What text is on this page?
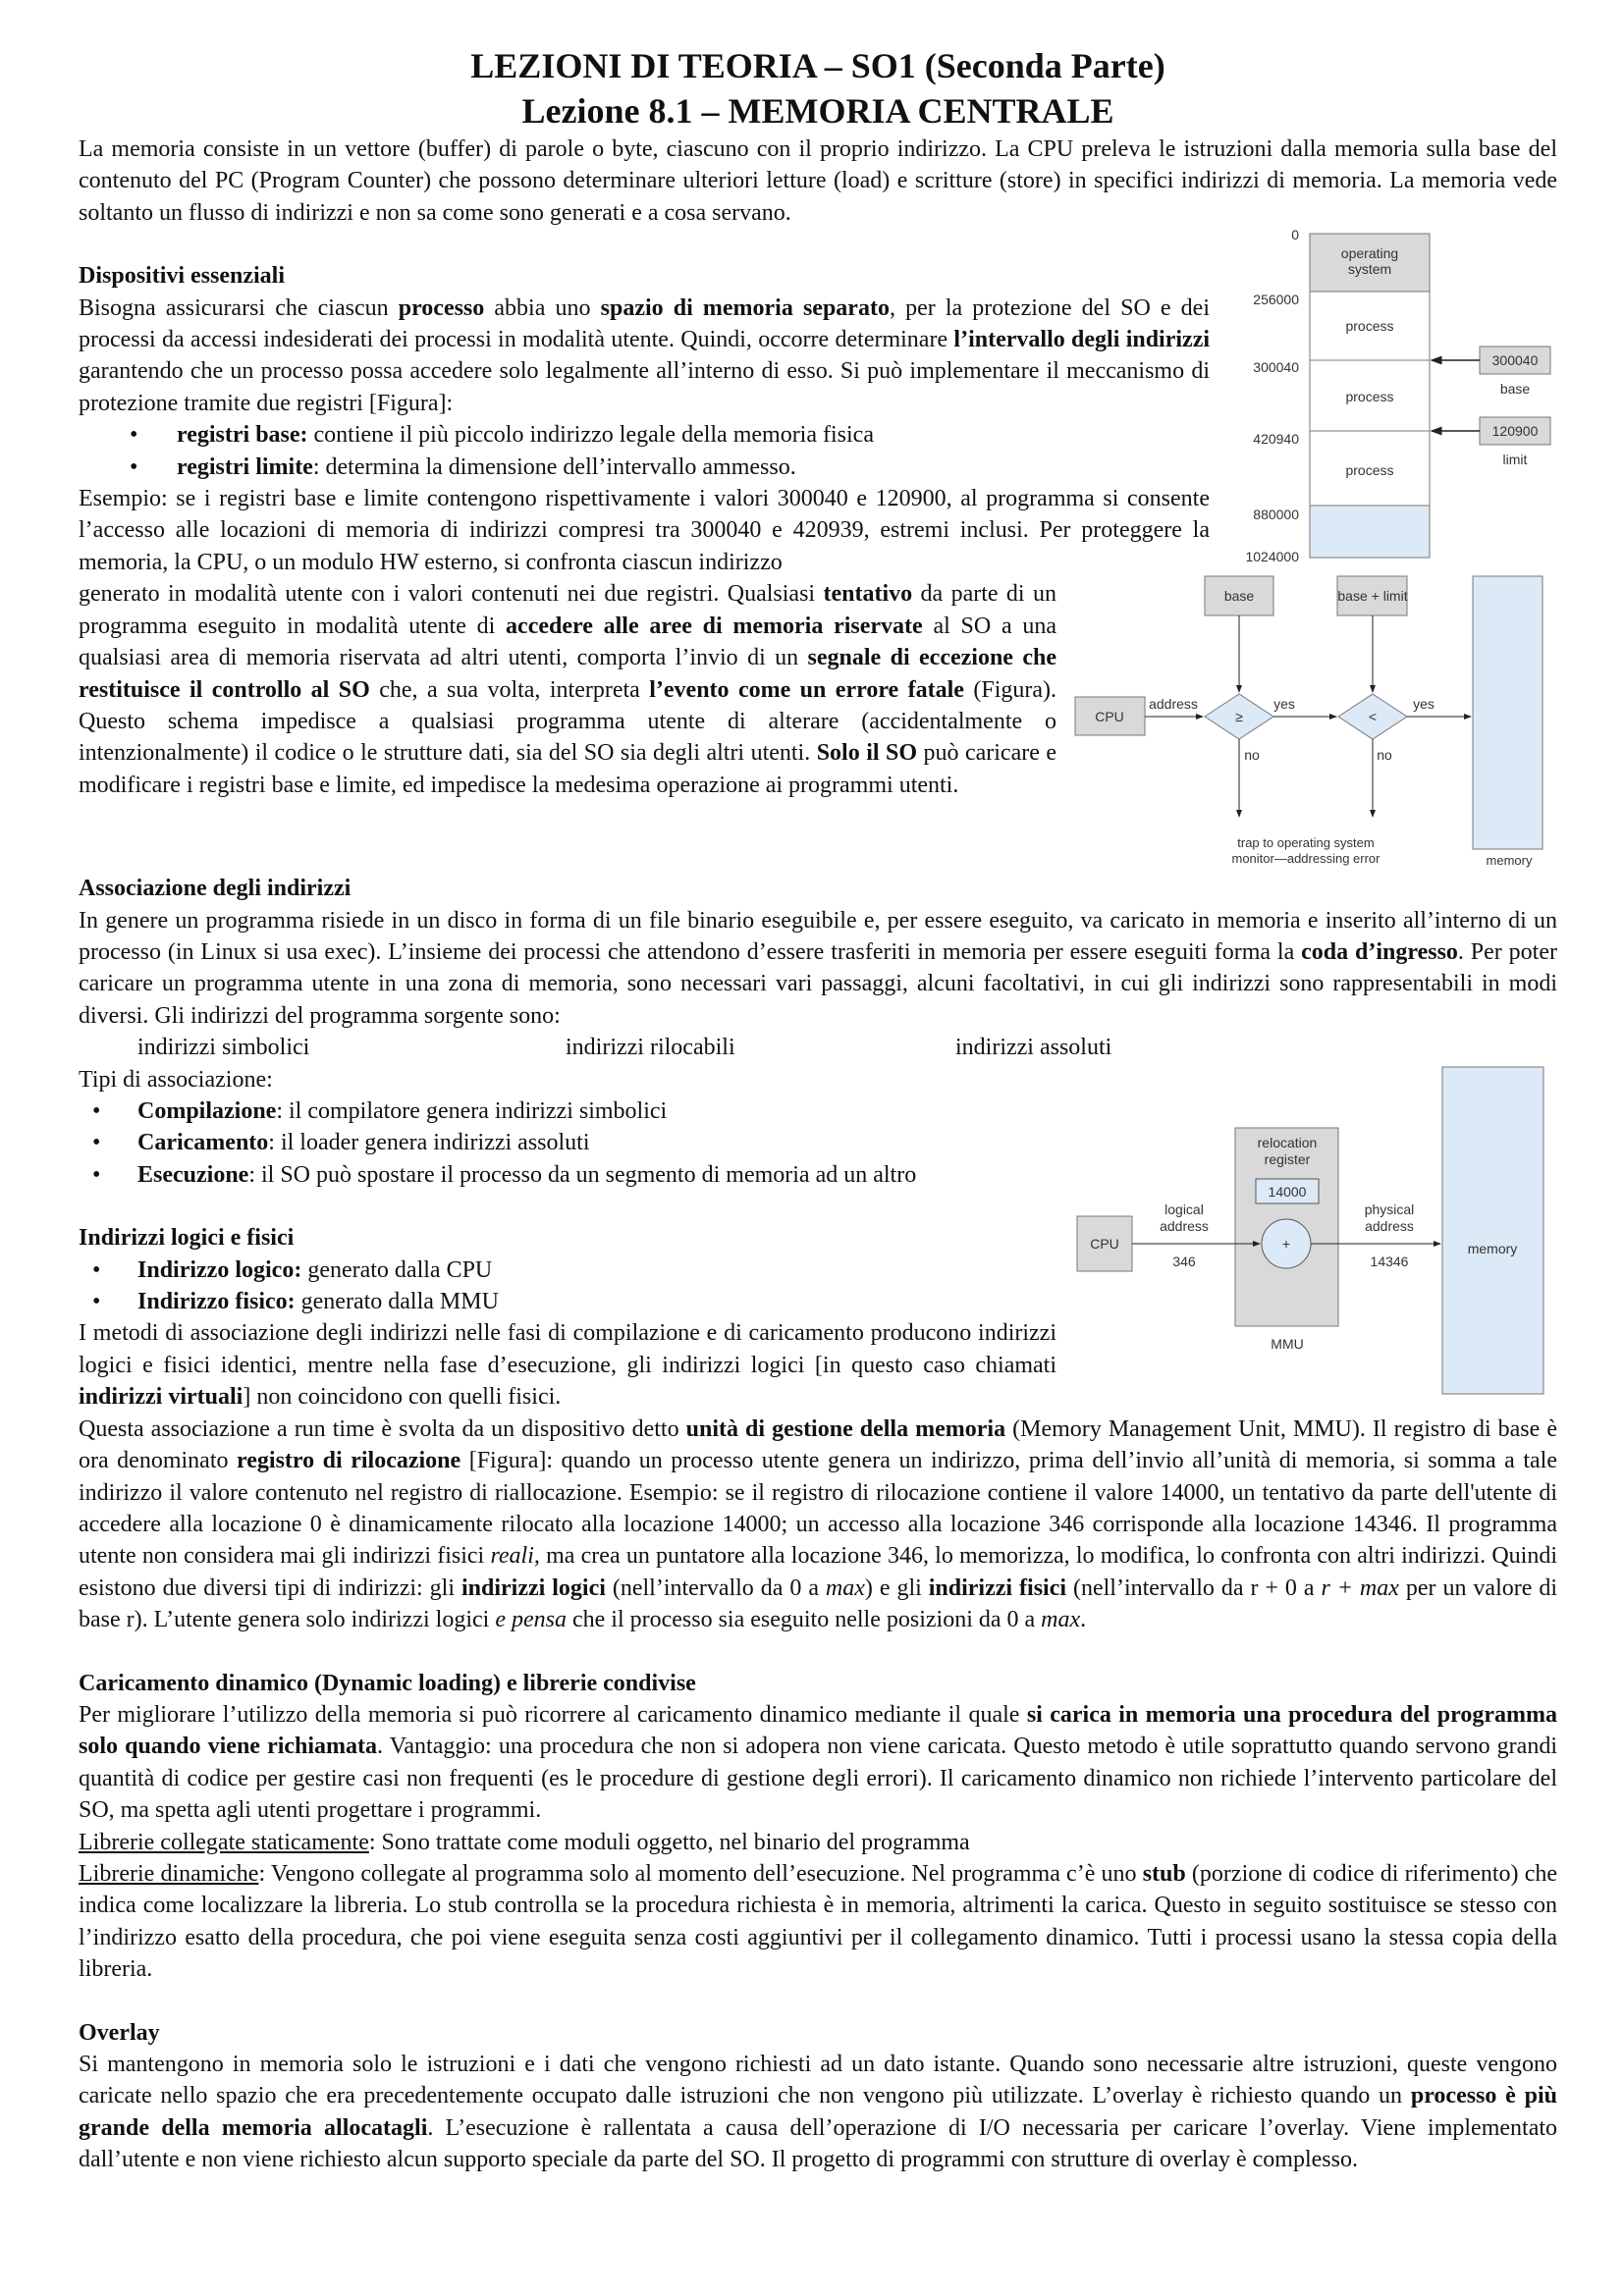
LEZIONI DI TEORIA – SO1 (Seconda Parte)
Lezione 8.1 – MEMORIA CENTRALE

La memoria consiste in un vettore (buffer) di parole o byte, ciascuno con il proprio indirizzo. La CPU preleva le istruzioni dalla memoria sulla base del contenuto del PC (Program Counter) che possono determinare ulteriori letture (load) e scritture (store) in specifici indirizzi di memoria. La memoria vede soltanto un flusso di indirizzi e non sa come sono generati e a cosa servano.

operating
system
process
process
process
0
256000
300040
420940
880000
1024000
300040
base
120900
limit
base	base + limit
CPU	≥	<
address	yes	yes
no	no
trap to operating system
monitor—addressing error	memory
Dispositivi essenziali

Bisogna assicurarsi che ciascun processo abbia uno spazio di memoria separato, per la protezione del SO e dei processi da accessi indesiderati dei processi in modalità utente. Quindi, occorre determinare l’intervallo degli indirizzi garantendo che un processo possa accedere solo legalmente all’interno di esso. Si può implementare il meccanismo di protezione tramite due registri [Figura]:

• registri base: contiene il più piccolo indirizzo legale della memoria fisica
• registri limite: determina la dimensione dell’intervallo ammesso.

Esempio: se i registri base e limite contengono rispettivamente i valori 300040 e 120900, al programma si consente l’accesso alle locazioni di memoria di indirizzi compresi tra 300040 e 420939, estremi inclusi. Per proteggere la memoria, la CPU, o un modulo HW esterno, si confronta ciascun indirizzo

generato in modalità utente con i valori contenuti nei due registri. Qualsiasi tentativo da parte di un programma eseguito in modalità utente di accedere alle aree di memoria riservate al SO a una qualsiasi area di memoria riservata ad altri utenti, comporta l’invio di un segnale di eccezione che restituisce il controllo al SO che, a sua volta, interpreta l’evento come un errore fatale (Figura). Questo schema impedisce a qualsiasi programma utente di alterare (accidentalmente o intenzionalmente) il codice o le strutture dati, sia del SO sia degli altri utenti. Solo il SO può caricare e modificare i registri base e limite, ed impedisce la medesima operazione ai programmi utenti.

Associazione degli indirizzi

In genere un programma risiede in un disco in forma di un file binario eseguibile e, per essere eseguito, va caricato in memoria e inserito all’interno di un processo (in Linux si usa exec). L’insieme dei processi che attendono d’essere trasferiti in memoria per essere eseguiti forma la coda d’ingresso. Per poter caricare un programma utente in una zona di memoria, sono necessari vari passaggi, alcuni facoltativi, in cui gli indirizzi sono rappresentabili in modi diversi. Gli indirizzi del programma sorgente sono:

indirizzi simbolici	indirizzi rilocabili	indirizzi assoluti
memory
relocation
register
14000
+
CPU
logical
address
346
physical
address
14346
MMU

Tipi di associazione:

• Compilazione: il compilatore genera indirizzi simbolici
• Caricamento: il loader genera indirizzi assoluti
• Esecuzione: il SO può spostare il processo da un segmento di memoria ad un altro
Indirizzi logici e fisici
• Indirizzo logico: generato dalla CPU
• Indirizzo fisico: generato dalla MMU

I metodi di associazione degli indirizzi nelle fasi di compilazione e di caricamento producono indirizzi logici e fisici identici, mentre nella fase d’esecuzione, gli indirizzi logici [in questo caso chiamati indirizzi virtuali] non coincidono con quelli fisici.

Questa associazione a run time è svolta da un dispositivo detto unità di gestione della memoria (Memory Management Unit, MMU). Il registro di base è ora denominato registro di rilocazione [Figura]: quando un processo utente genera un indirizzo, prima dell’invio all’unità di memoria, si somma a tale indirizzo il valore contenuto nel registro di riallocazione. Esempio: se il registro di rilocazione contiene il valore 14000, un tentativo da parte dell'utente di accedere alla locazione 0 è dinamicamente rilocato alla locazione 14000; un accesso alla locazione 346 corrisponde alla locazione 14346. Il programma utente non considera mai gli indirizzi fisici reali, ma crea un puntatore alla locazione 346, lo memorizza, lo modifica, lo confronta con altri indirizzi. Quindi esistono due diversi tipi di indirizzi: gli indirizzi logici (nell’intervallo da 0 a max) e gli indirizzi fisici (nell’intervallo da r + 0 a r + max per un valore di base r). L’utente genera solo indirizzi logici e pensa che il processo sia eseguito nelle posizioni da 0 a max.

Caricamento dinamico (Dynamic loading) e librerie condivise

Per migliorare l’utilizzo della memoria si può ricorrere al caricamento dinamico mediante il quale si carica in memoria una procedura del programma solo quando viene richiamata. Vantaggio: una procedura che non si adopera non viene caricata. Questo metodo è utile soprattutto quando servono grandi quantità di codice per gestire casi non frequenti (es le procedure di gestione degli errori). Il caricamento dinamico non richiede l’intervento particolare del SO, ma spetta agli utenti progettare i programmi.

Librerie collegate staticamente: Sono trattate come moduli oggetto, nel binario del programma

Librerie dinamiche: Vengono collegate al programma solo al momento dell’esecuzione. Nel programma c’è uno stub (porzione di codice di riferimento) che indica come localizzare la libreria. Lo stub controlla se la procedura richiesta è in memoria, altrimenti la carica. Questo in seguito sostituisce se stesso con l’indirizzo esatto della procedura, che poi viene eseguita senza costi aggiuntivi per il collegamento dinamico. Tutti i processi usano la stessa copia della libreria.

Overlay

Si mantengono in memoria solo le istruzioni e i dati che vengono richiesti ad un dato istante. Quando sono necessarie altre istruzioni, queste vengono caricate nello spazio che era precedentemente occupato dalle istruzioni che non vengono più utilizzate. L’overlay è richiesto quando un processo è più grande della memoria allocatagli. L’esecuzione è rallentata a causa dell’operazione di I/O necessaria per caricare l’overlay. Viene implementato dall’utente e non viene richiesto alcun supporto speciale da parte del SO. Il progetto di programmi con strutture di overlay è complesso.
